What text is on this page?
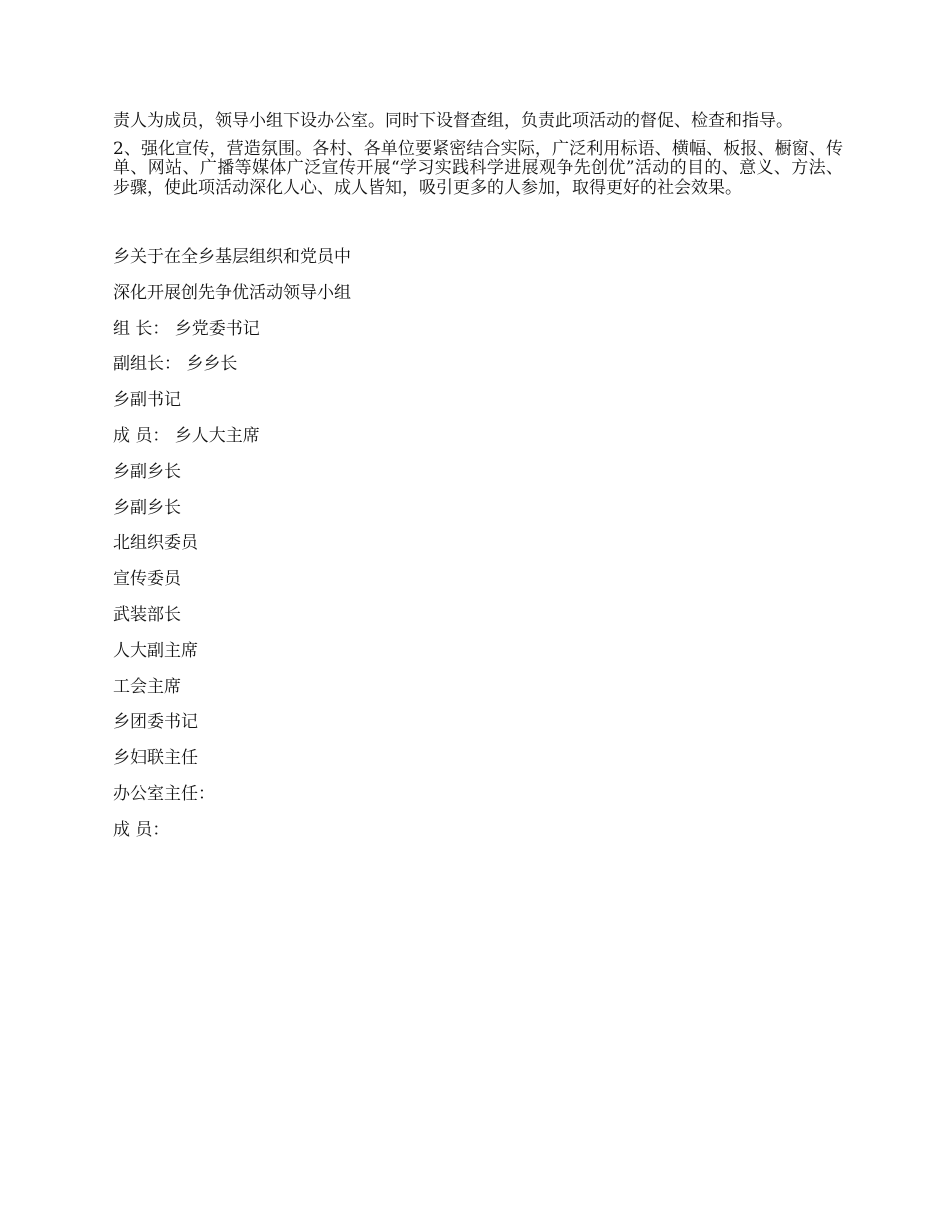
责人为成员，领导小组下设办公室。同时下设督查组，负责此项活动的督促、检查和指导。

2、强化宣传，营造氛围。各村、各单位要紧密结合实际，广泛利用标语、横幅、板报、橱窗、传单、网站、广播等媒体广泛宣传开展“学习实践科学进展观争先创优”活动的目的、意义、方法、步骤，使此项活动深化人心、成人皆知，吸引更多的人参加，取得更好的社会效果。

乡关于在全乡基层组织和党员中
深化开展创先争优活动领导小组
组 长： 乡党委书记
副组长： 乡乡长
乡副书记
成 员： 乡人大主席
乡副乡长
乡副乡长
北组织委员
宣传委员
武装部长
人大副主席
工会主席
乡团委书记
乡妇联主任
办公室主任：
成 员：
